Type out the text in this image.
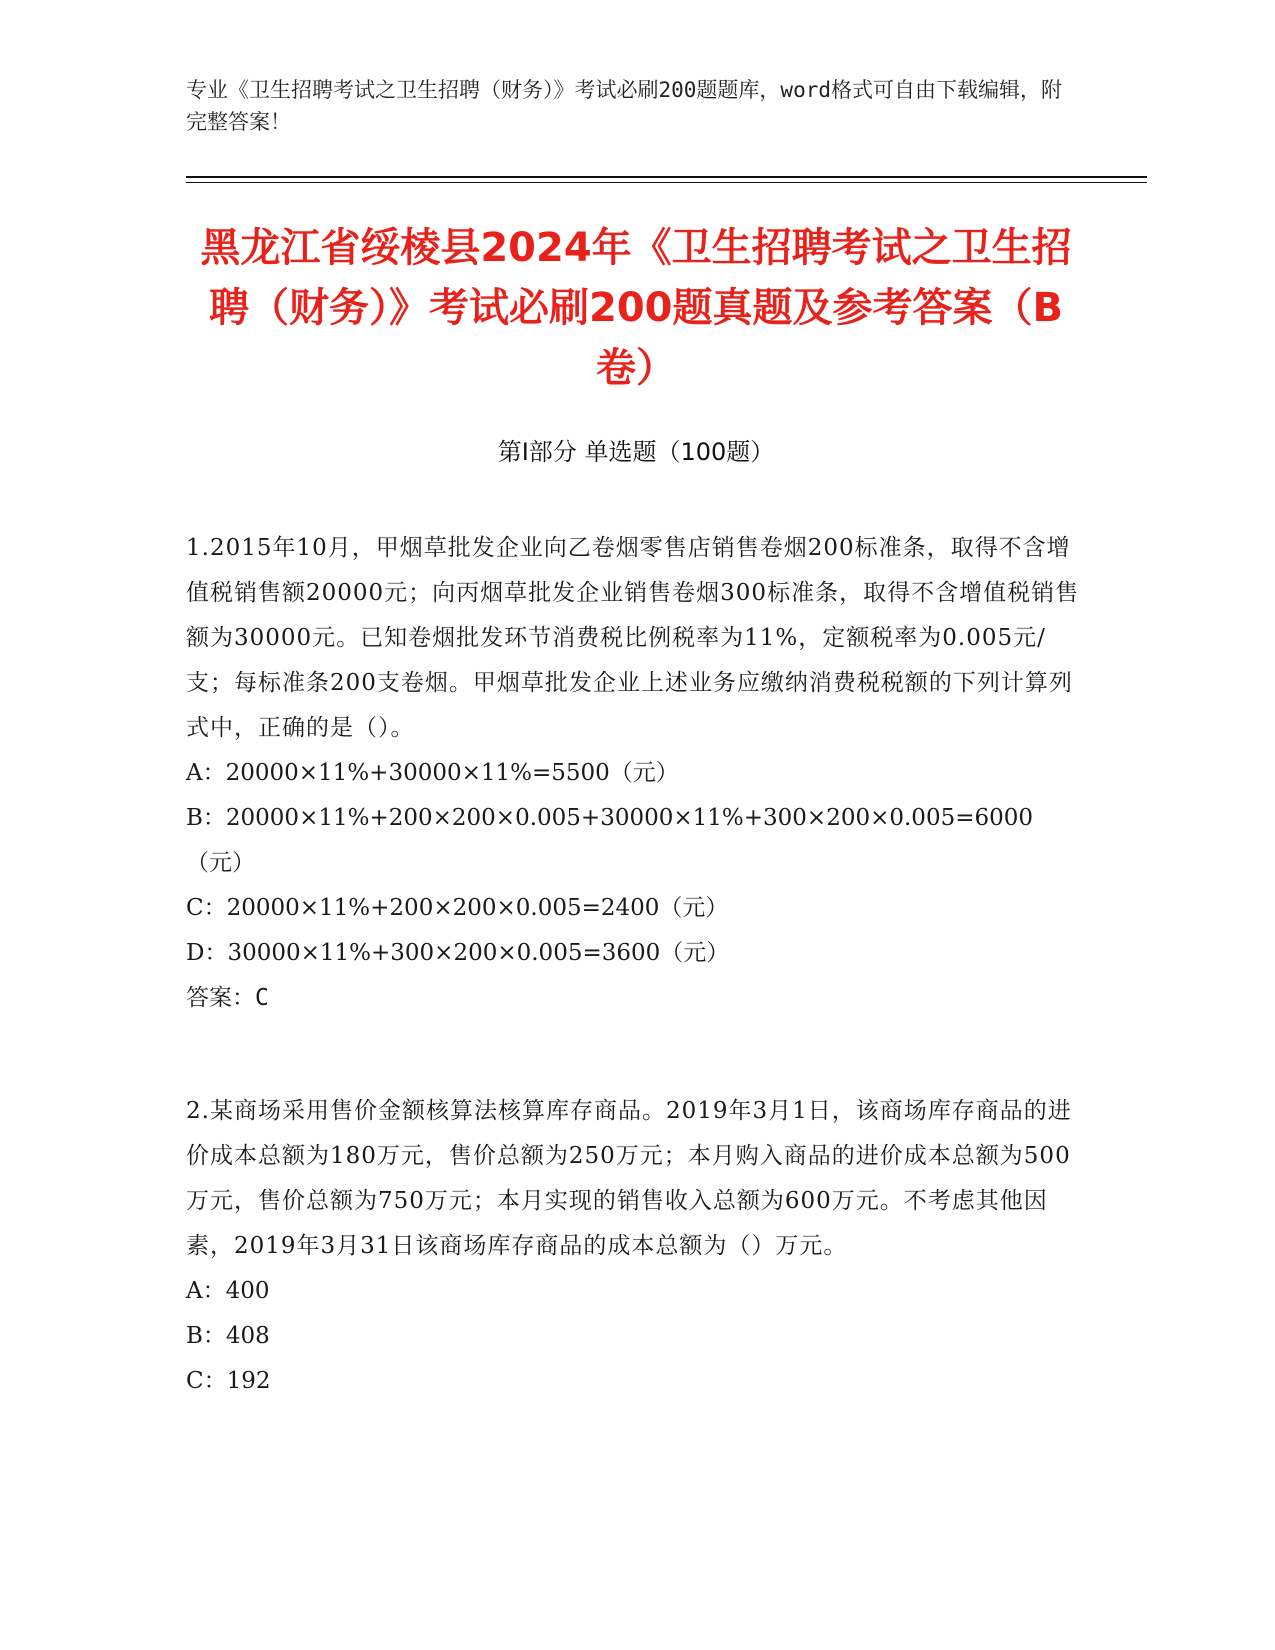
专业《卫生招聘考试之卫生招聘（财务）》考试必刷200题题库，word格式可自由下载编辑，附完整答案！
黑龙江省绥棱县2024年《卫生招聘考试之卫生招聘（财务）》考试必刷200题真题及参考答案（B卷）
第Ⅰ部分 单选题（100题）
1.2015年10月，甲烟草批发企业向乙卷烟零售店销售卷烟200标准条，取得不含增值税销售额20000元；向丙烟草批发企业销售卷烟300标准条，取得不含增值税销售额为30000元。已知卷烟批发环节消费税比例税率为11%，定额税率为0.005元/支；每标准条200支卷烟。甲烟草批发企业上述业务应缴纳消费税税额的下列计算列式中，正确的是（）。
A：20000×11%+30000×11%=5500（元）
B：20000×11%+200×200×0.005+30000×11%+300×200×0.005=6000（元）
C：20000×11%+200×200×0.005=2400（元）
D：30000×11%+300×200×0.005=3600（元）
答案：C
2.某商场采用售价金额核算法核算库存商品。2019年3月1日，该商场库存商品的进价成本总额为180万元，售价总额为250万元；本月购入商品的进价成本总额为500万元，售价总额为750万元；本月实现的销售收入总额为600万元。不考虑其他因素，2019年3月31日该商场库存商品的成本总额为（）万元。
A：400
B：408
C：192
